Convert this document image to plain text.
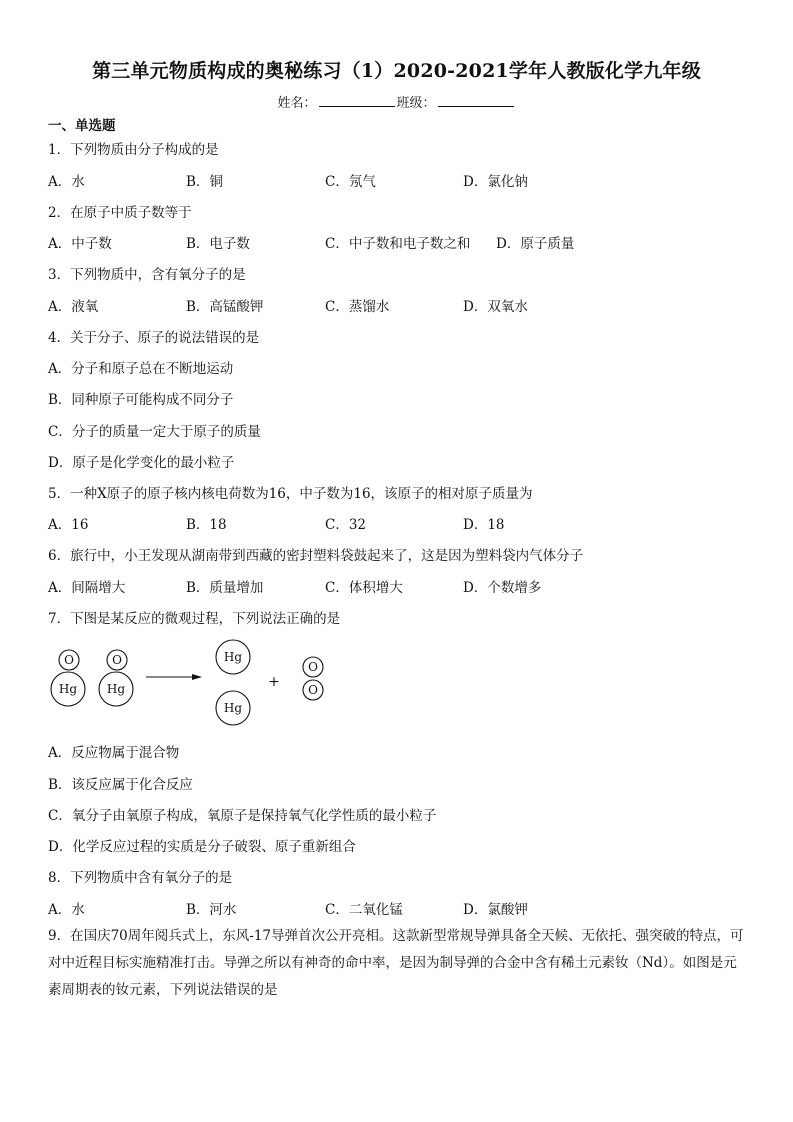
第三单元物质构成的奥秘练习（1）2020-2021学年人教版化学九年级
姓名：	班级：
一、单选题
1．下列物质由分子构成的是
A．水	B．铜	C．氖气	D．氯化钠
2．在原子中质子数等于
A．中子数	B．电子数	C．中子数和电子数之和 D．原子质量
3．下列物质中，含有氧分子的是
A．液氧	B．高锰酸钾	C．蒸馏水	D．双氧水
4．关于分子、原子的说法错误的是
A．分子和原子总在不断地运动
B．同种原子可能构成不同分子
C．分子的质量一定大于原子的质量
D．原子是化学变化的最小粒子
5．一种X原子的原子核内核电荷数为16，中子数为16，该原子的相对原子质量为
A．16	B．18	C．32	D．18
6．旅行中，小王发现从湖南带到西藏的密封塑料袋鼓起来了，这是因为塑料袋内气体分子
A．间隔增大	B．质量增加	C．体积增大	D．个数增多
7．下图是某反应的微观过程，下列说法正确的是
O
Hg
O
Hg
Hg
Hg
+
O
O
A．反应物属于混合物
B．该反应属于化合反应
C．氧分子由氧原子构成，氧原子是保持氧气化学性质的最小粒子
D．化学反应过程的实质是分子破裂、原子重新组合
8．下列物质中含有氧分子的是
A．水	B．河水	C．二氧化锰	D．氯酸钾
9．在国庆70周年阅兵式上，东风-17导弹首次公开亮相。这款新型常规导弹具备全天候、无依托、强突破的特点，可对中近程目标实施精准打击。导弹之所以有神奇的命中率，是因为制导弹的合金中含有稀土元素钕（Nd）。如图是元素周期表的钕元素，下列说法错误的是
